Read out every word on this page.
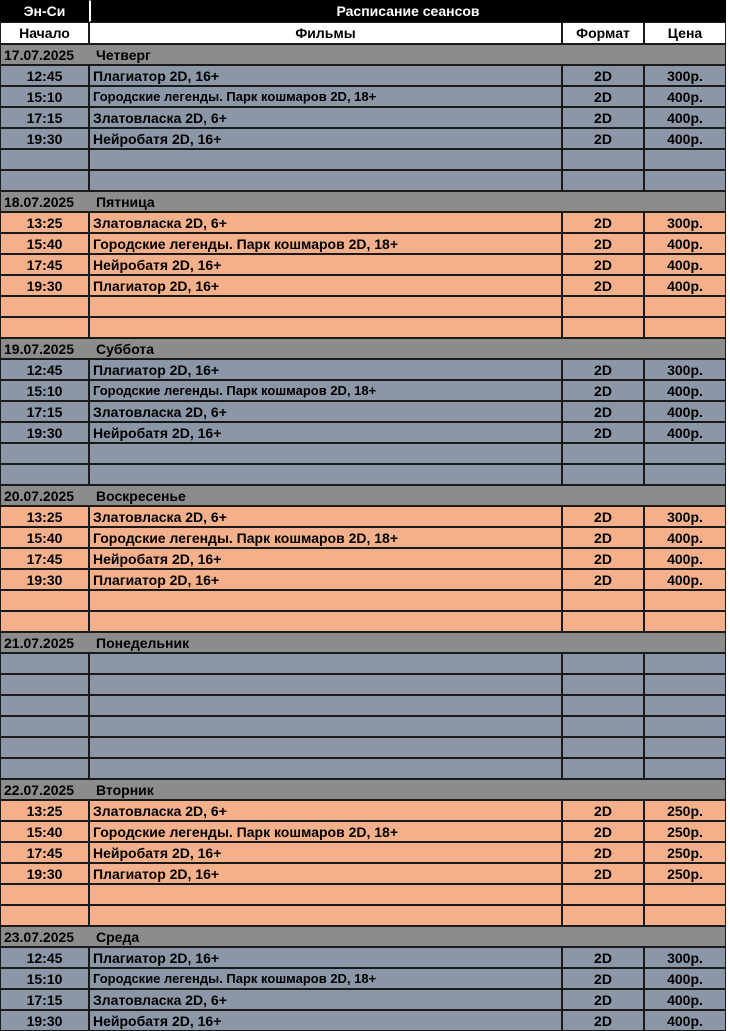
Эн-Си	Расписание сеансов
Начало	Фильмы	Формат	Цена
17.07.2025	Четверг
12:45	Плагиатор 2D, 16+	2D	300р.
15:10	Городские легенды. Парк кошмаров 2D, 18+	2D	400р.
17:15	Златовласка 2D, 6+	2D	400р.
19:30	Нейробатя 2D, 16+	2D	400р.
18.07.2025	Пятница
13:25	Златовласка 2D, 6+	2D	300р.
15:40	Городские легенды. Парк кошмаров 2D, 18+	2D	400р.
17:45	Нейробатя 2D, 16+	2D	400р.
19:30	Плагиатор 2D, 16+	2D	400р.
19.07.2025	Суббота
12:45	Плагиатор 2D, 16+	2D	300р.
15:10	Городские легенды. Парк кошмаров 2D, 18+	2D	400р.
17:15	Златовласка 2D, 6+	2D	400р.
19:30	Нейробатя 2D, 16+	2D	400р.
20.07.2025	Воскресенье
13:25	Златовласка 2D, 6+	2D	300р.
15:40	Городские легенды. Парк кошмаров 2D, 18+	2D	400р.
17:45	Нейробатя 2D, 16+	2D	400р.
19:30	Плагиатор 2D, 16+	2D	400р.
21.07.2025	Понедельник
22.07.2025	Вторник
13:25	Златовласка 2D, 6+	2D	250р.
15:40	Городские легенды. Парк кошмаров 2D, 18+	2D	250р.
17:45	Нейробатя 2D, 16+	2D	250р.
19:30	Плагиатор 2D, 16+	2D	250р.
23.07.2025	Среда
12:45	Плагиатор 2D, 16+	2D	300р.
15:10	Городские легенды. Парк кошмаров 2D, 18+	2D	400р.
17:15	Златовласка 2D, 6+	2D	400р.
19:30	Нейробатя 2D, 16+	2D	400р.
